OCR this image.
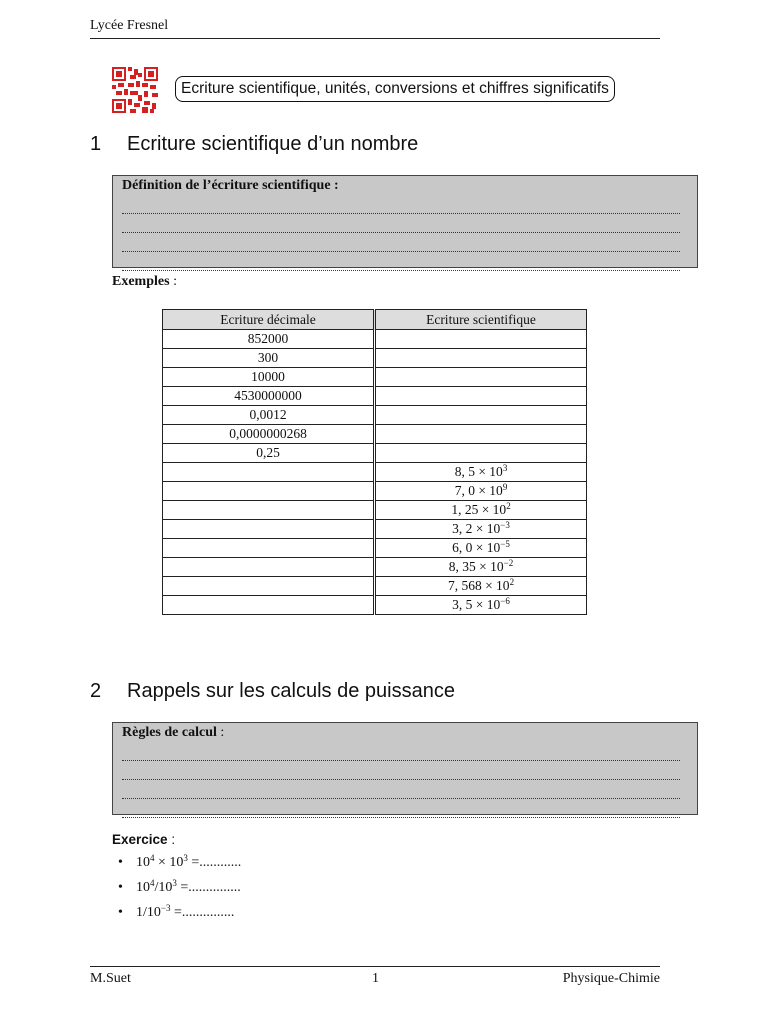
Lycée Fresnel
Ecriture scientifique, unités, conversions et chiffres significatifs
1 Ecriture scientifique d’un nombre
Définition de l’écriture scientifique :
Exemples :
Ecriture décimale	Ecriture scientifique
852000	
300	
10000	
4530000000	
0,0012	
0,0000000268	
0,25	
	8, $5 \times 10^3$
	7, $0 \times 10^9$
	1, $25 \times 10^2$
	3, $2 \times 10^{-3}$
	6, $0 \times 10^{-5}$
	8, $35 \times 10^{-2}$
	7, $568 \times 10^2$
	3, $5 \times 10^{-6}$
2 Rappels sur les calculs de puissance
Règles de calcul :
Exercice :
• $10^4 \times 10^3$ =............
• $10^4/10^3$ =...............
• $1/10^{-3}$ =...............
M.Suet	1	Physique-Chimie
